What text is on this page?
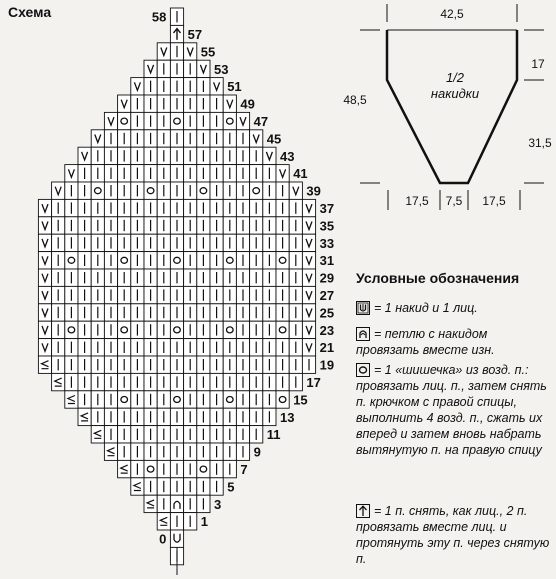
Схема
0
1
3
5
7
9
11
13
15
17
19
21
23
25
27
29
31
33
35
37
39
41
43
45
47
49
51
53
55
57
58	42,5
48,5
17
31,5
1/2
накидки
17,5 7,5 17,5
Условные обозначения
= 1 накид и 1 лиц.
= петлю с накидом провязать вместе изн.
= 1 «шишечка» из возд. п.: провязать лиц. п., затем снять п. крючком с правой спицы, выполнить 4 возд. п., сжать их вперед и затем вновь набрать вытянутую п. на правую спицу
= 1 п. снять, как лиц., 2 п. провязать вместе лиц. и протянуть эту п. через снятую п.
